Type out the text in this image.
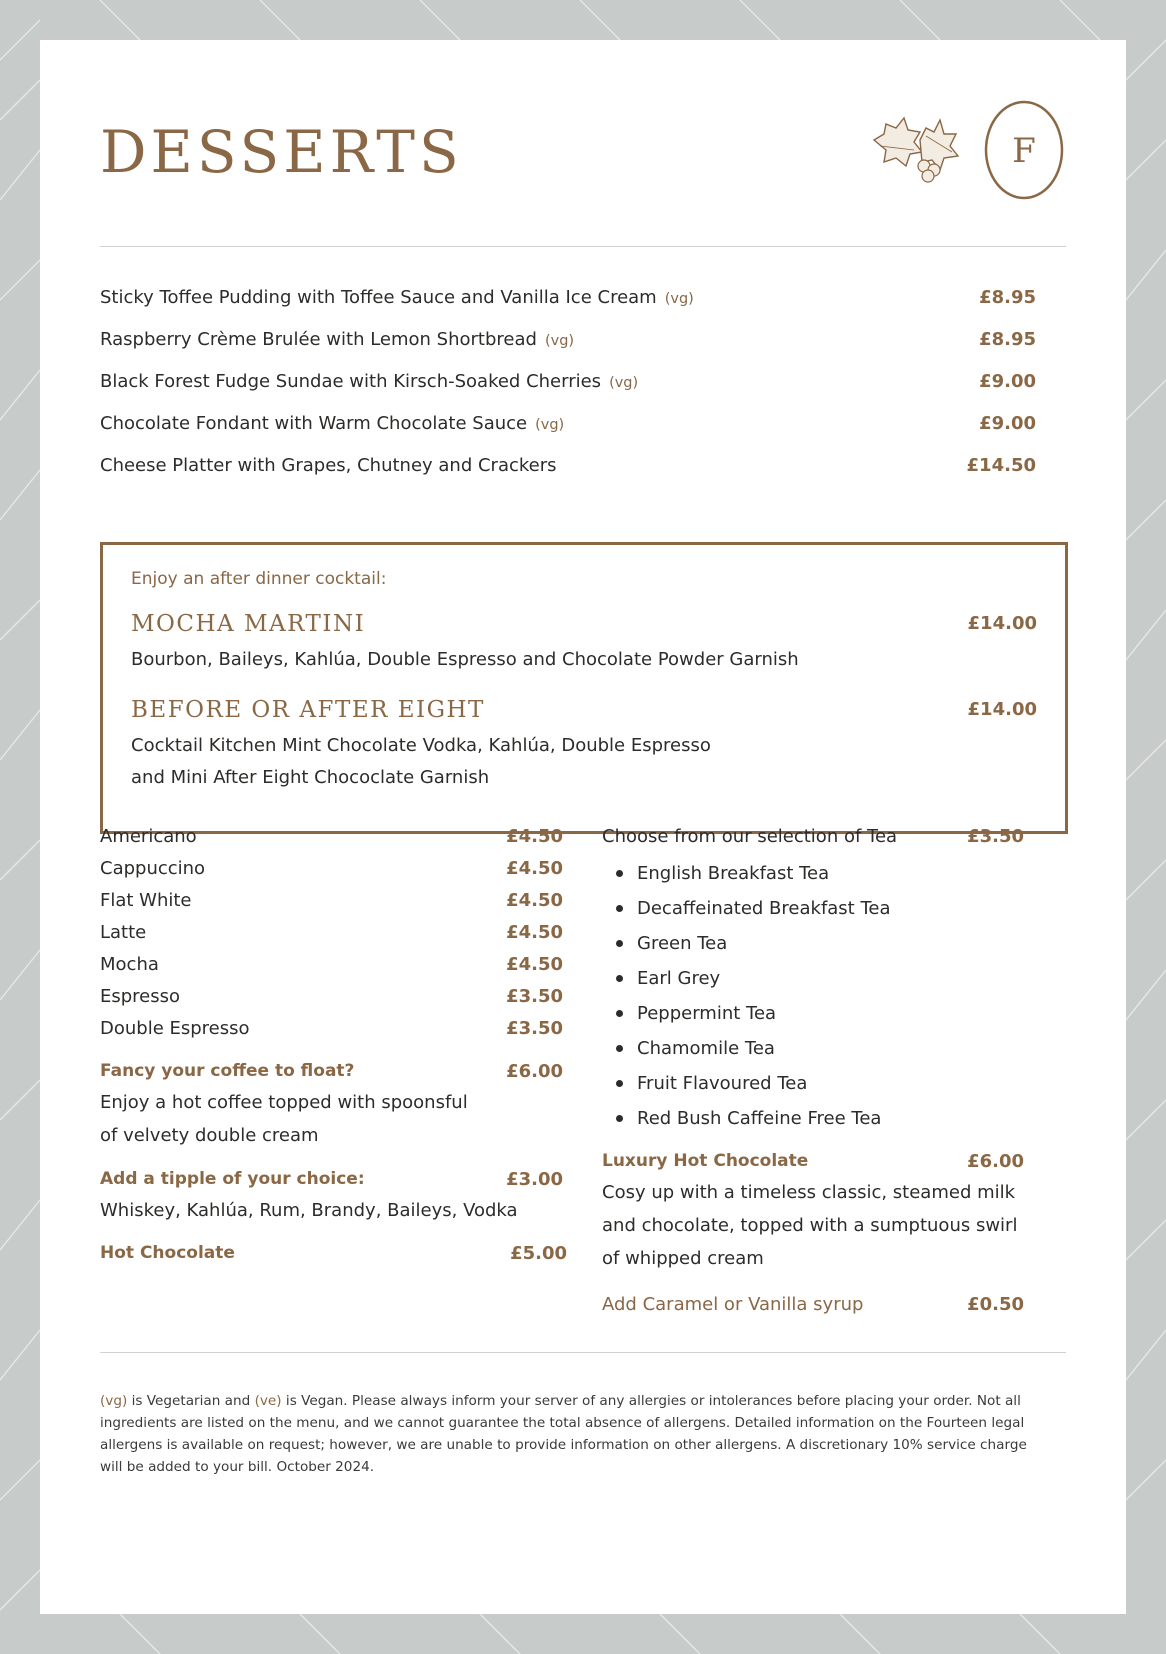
DESSERTS	F
Sticky Toffee Pudding with Toffee Sauce and Vanilla Ice Cream (vg)	£8.95
Raspberry Crème Brulée with Lemon Shortbread (vg)	£8.95
Black Forest Fudge Sundae with Kirsch-Soaked Cherries (vg)	£9.00
Chocolate Fondant with Warm Chocolate Sauce (vg)	£9.00
Cheese Platter with Grapes, Chutney and Crackers	£14.50
Enjoy an after dinner cocktail:
MOCHA MARTINI	£14.00
Bourbon, Baileys, Kahlúa, Double Espresso and Chocolate Powder Garnish
BEFORE OR AFTER EIGHT	£14.00
Cocktail Kitchen Mint Chocolate Vodka, Kahlúa, Double Espresso
and Mini After Eight Chococlate Garnish
Americano	£4.50
Cappuccino	£4.50
Flat White	£4.50
Latte	£4.50
Mocha	£4.50
Espresso	£3.50
Double Espresso	£3.50
Fancy your coffee to float?	£6.00
Enjoy a hot coffee topped with spoonsful
of velvety double cream
Add a tipple of your choice:	£3.00
Whiskey, Kahlúa, Rum, Brandy, Baileys, Vodka
Hot Chocolate	£5.00
Choose from our selection of Tea	£3.50
English Breakfast Tea
Decaffeinated Breakfast Tea
Green Tea
Earl Grey
Peppermint Tea
Chamomile Tea
Fruit Flavoured Tea
Red Bush Caffeine Free Tea
Luxury Hot Chocolate	£6.00
Cosy up with a timeless classic, steamed milk
and chocolate, topped with a sumptuous swirl
of whipped cream
Add Caramel or Vanilla syrup	£0.50
(vg) is Vegetarian and (ve) is Vegan. Please always inform your server of any allergies or intolerances before placing your order. Not all ingredients are listed on the menu, and we cannot guarantee the total absence of allergens. Detailed information on the Fourteen legal allergens is available on request; however, we are unable to provide information on other allergens. A discretionary 10% service charge will be added to your bill. October 2024.
